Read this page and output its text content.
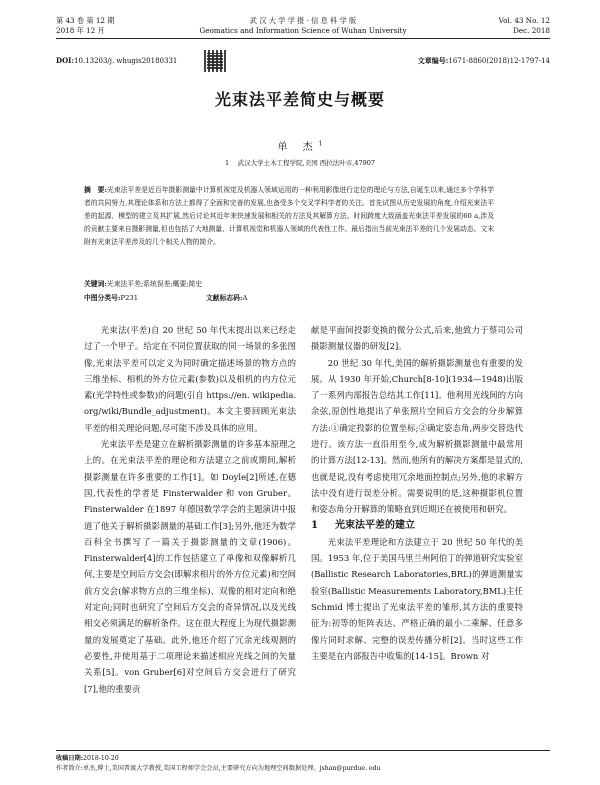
第 43 卷 第 12 期
2018 年 12 月
武 汉 大 学 学 报 · 信 息 科 学 版
Geomatics and Information Science of Wuhan University
Vol. 43 No. 12
Dec. 2018
DOI:10.13203/j. whugis20180331	文章编号:1671-8860(2018)12-1797-14
光束法平差简史与概要
单 杰$^1$
1 　武汉大学土木工程学院,美国 西拉法叶市,47907
摘　要:光束法平差是近百年摄影测量中计算机视觉及机器人领域运用的一种利用影像进行定位的理论与方法,自诞生以来,通过多个学科学者的共同努力,其理论体系和方法上都得了全面和完善的发展,也备受多个交叉学科学者的关注。首先试图从历史发展的角度,介绍光束法平差的起源、模型的建立及其扩展,然后讨论其近年来快速发展和相关的方法及其解算方法。时间跨度大致涵盖光束法平差发展的60 a,涉及的贡献主要来自摄影测量,但也包括了大地测量、计算机视觉和机器人领域的代表性工作。最后指出当前光束法平差的几个发展动态。文末附有光束法平差涉及的几个相关人物的简介。
关键词:光束法平差;系统误差;概要;简史
中图分类号:P231	文献标志码:A

光束法(平差)自 20 世纪 50 年代末提出以来已经走过了一个甲子。给定在不同位置获取的同一场景的多张图像,光束法平差可以定义为同时确定描述场景的物方点的三维坐标、相机的外方位元素(参数)以及相机的内方位元素(光学特性或参数)的问题(引自 https://en. wikipedia. org/wiki/Bundle_adjustment)。本文主要回顾光束法平差的相关理论问题,尽可能不涉及具体的应用。

光束法平差是建立在解析摄影测量的许多基本原理之上的。在光束法平差的理论和方法建立之前或期间,解析摄影测量在许多重要的工作[1]。如 Doyle[2]所述,在德国,代表性的学者是 Finsterwalder 和 von Gruber。Finsterwalder 在1897 年德国数学学会的主题演讲中报道了他关于解析摄影测量的基础工作[3];另外,他还为数学百科全书撰写了一篇关于摄影测量的文章(1906)。Finsterwalder[4]的工作包括建立了单像和双像解析几何,主要是空间后方交会(即解求相片的外方位元素)和空间前方交会(解求物方点的三维坐标)、双像的相对定向和绝对定向;同时也研究了空间后方交会的奇异情况,以及光线相交必须满足的解析条件。这在很大程度上为现代摄影测量的发展奠定了基础。此外,他还介绍了冗余光线观测的必要性,并使用基于二项理论来描述相应光线之间的矢量关系[5]。von Gruber[6]对空间后方交会进行了研究[7],他的重要贡

献是平面间投影变换的微分公式,后来,他致力于蔡司公司摄影测量仪器的研发[2]。

20 世纪 30 年代,美国的解析摄影测量也有重要的发展。从 1930 年开始,Church[8-10](1934—1948)出版了一系列内部报告总结其工作[11]。他利用光线间的方向余弦,原创性地提出了单张照片空间后方交会的分步解算方法:①确定投影的位置坐标;②确定姿态角,两步交替迭代进行。该方法一直沿用至今,成为解析摄影测量中最常用的计算方法[12-13]。然而,他所有的解决方案都是显式的,也就是说,没有考虑使用冗余地面控制点;另外,他的求解方法中没有进行误差分析。需要说明的是,这种摄影机位置和姿态角分开解算的策略直到近期还在被使用和研究。

1 光束法平差的建立

光束法平差理论和方法建立于 20 世纪 50 年代的美国。1953 年,位于美国马里兰州阿伯丁的弹道研究实验室(Ballistic Research Laboratories,BRL)的弹道测量实验室(Ballistic Measurements Laboratory,BML)主任 Schmid 博士提出了光束法平差的雏形,其方法的重要特征为:初等的矩阵表达、严格正确的最小二乘解、任意多像片同时求解、完整的误差传播分析[2]。当时这些工作主要是在内部报告中收集的[14-15]。Brown 对

收稿日期:2018-10-20
作者简介:单杰,博士,美国普渡大学教授,美国工程师学会会员,主要研究方向为地理空间数据处理。jshan@purdue. edu
